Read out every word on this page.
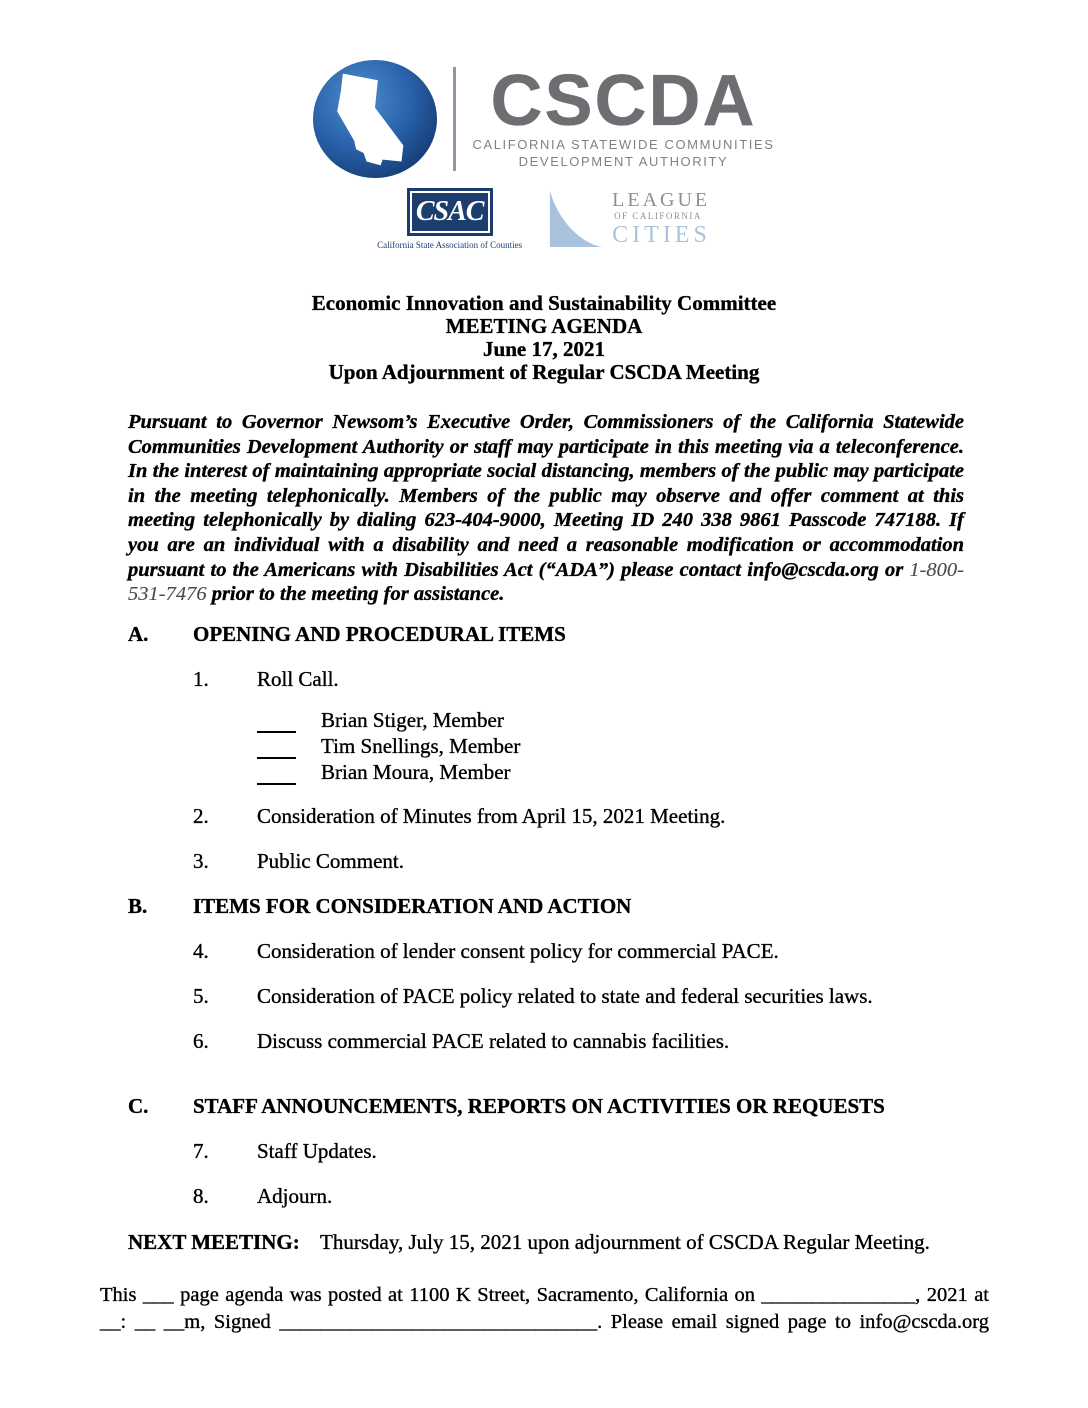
CSCDA
CALIFORNIA STATEWIDE COMMUNITIES
DEVELOPMENT AUTHORITY
CSAC
California State Association of Counties
LEAGUE
OF CALIFORNIA
CITIES
Economic Innovation and Sustainability Committee
MEETING AGENDA
June 17, 2021
Upon Adjournment of Regular CSCDA Meeting

Pursuant to Governor Newsom’s Executive Order, Commissioners of the California Statewide Communities Development Authority or staff may participate in this meeting via a teleconference. In the interest of maintaining appropriate social distancing, members of the public may participate in the meeting telephonically. Members of the public may observe and offer comment at this meeting telephonically by dialing 623-404-9000, Meeting ID 240 338 9861 Passcode 747188. If you are an individual with a disability and need a reasonable modification or accommodation pursuant to the Americans with Disabilities Act (“ADA”) please contact info@cscda.org or 1-800-531-7476 prior to the meeting for assistance.

A.	OPENING AND PROCEDURAL ITEMS
1.	Roll Call.
Brian Stiger, Member
Tim Snellings, Member
Brian Moura, Member
2.	Consideration of Minutes from April 15, 2021 Meeting.
3.	Public Comment.
B.	ITEMS FOR CONSIDERATION AND ACTION
4.	Consideration of lender consent policy for commercial PACE.
5.	Consideration of PACE policy related to state and federal securities laws.
6.	Discuss commercial PACE related to cannabis facilities.
C.	STAFF ANNOUNCEMENTS, REPORTS ON ACTIVITIES OR REQUESTS
7.	Staff Updates.
8.	Adjourn.
NEXT MEETING: Thursday, July 15, 2021 upon adjournment of CSCDA Regular Meeting.
This ___ page agenda was posted at 1100 K Street, Sacramento, California on _______________, 2021 at
__: __ __m, Signed _______________________________. Please email signed page to info@cscda.org
